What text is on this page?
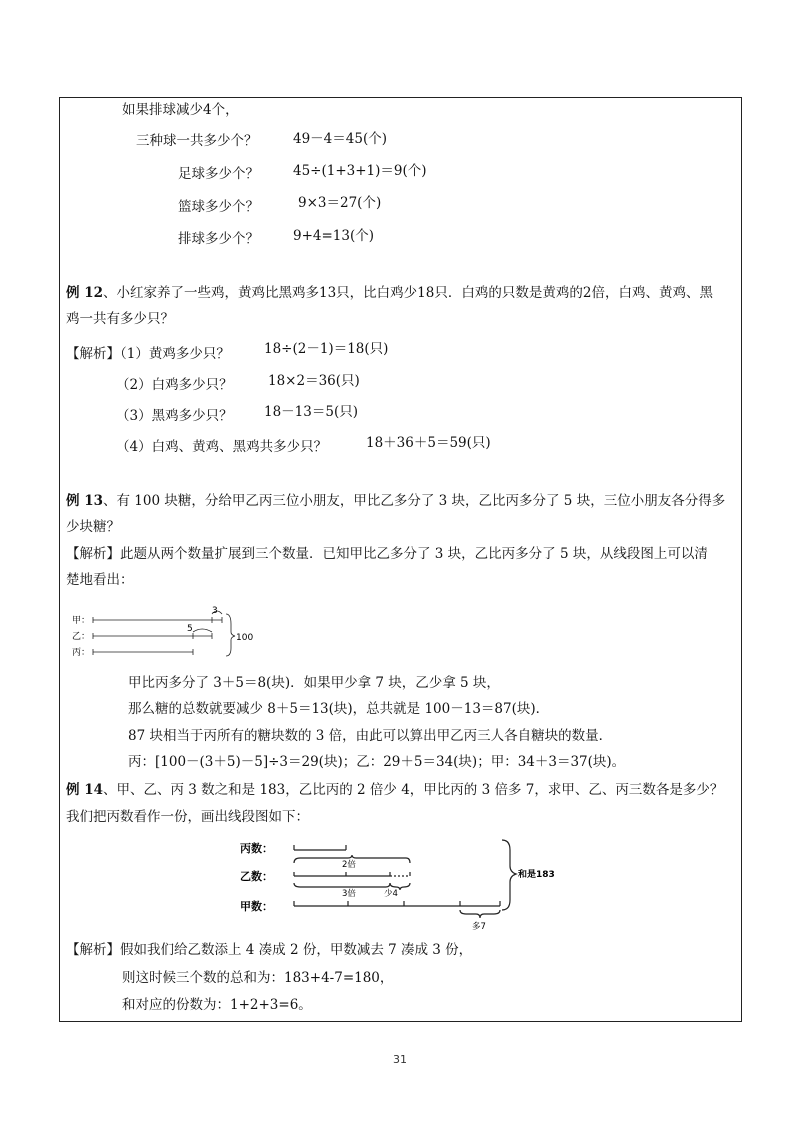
如果排球减少4个，
三种球一共多少个？	49－4＝45(个)
足球多少个？	45÷(1+3+1)＝9(个)
篮球多少个？	9×3＝27(个)
排球多少个？	9+4=13(个)
例 12、小红家养了一些鸡，黄鸡比黑鸡多13只，比白鸡少18只．白鸡的只数是黄鸡的2倍，白鸡、黄鸡、黑
鸡一共有多少只？
【解析】（1）黄鸡多少只？	18÷(2－1)＝18(只)
（2）白鸡多少只？	18×2＝36(只)
（3）黑鸡多少只？ 18－13＝5(只)
（4）白鸡、黄鸡、黑鸡共多少只？	18＋36＋5＝59(只)
例 13、有 100 块糖，分给甲乙丙三位小朋友，甲比乙多分了 3 块，乙比丙多分了 5 块，三位小朋友各分得多
少块糖？
【解析】此题从两个数量扩展到三个数量．已知甲比乙多分了 3 块，乙比丙多分了 5 块，从线段图上可以清
楚地看出：
甲：
乙：
丙：
3
5
100
甲比丙多分了 3＋5＝8(块)．如果甲少拿 7 块，乙少拿 5 块，
那么糖的总数就要减少 8＋5＝13(块)，总共就是 100－13＝87(块)．
87 块相当于丙所有的糖块数的 3 倍，由此可以算出甲乙丙三人各自糖块的数量．
丙：[100－(3＋5)－5]÷3＝29(块)；乙：29＋5＝34(块)；甲：34＋3＝37(块)。
例 14、甲、乙、丙 3 数之和是 183，乙比丙的 2 倍少 4，甲比丙的 3 倍多 7，求甲、乙、丙三数各是多少？
我们把丙数看作一份，画出线段图如下：
丙数：
乙数：
甲数：
2倍
3倍	少4
多7
和是183
【解析】假如我们给乙数添上 4 凑成 2 份，甲数减去 7 凑成 3 份，
则这时候三个数的总和为：183+4-7=180，
和对应的份数为：1+2+3=6。
31
